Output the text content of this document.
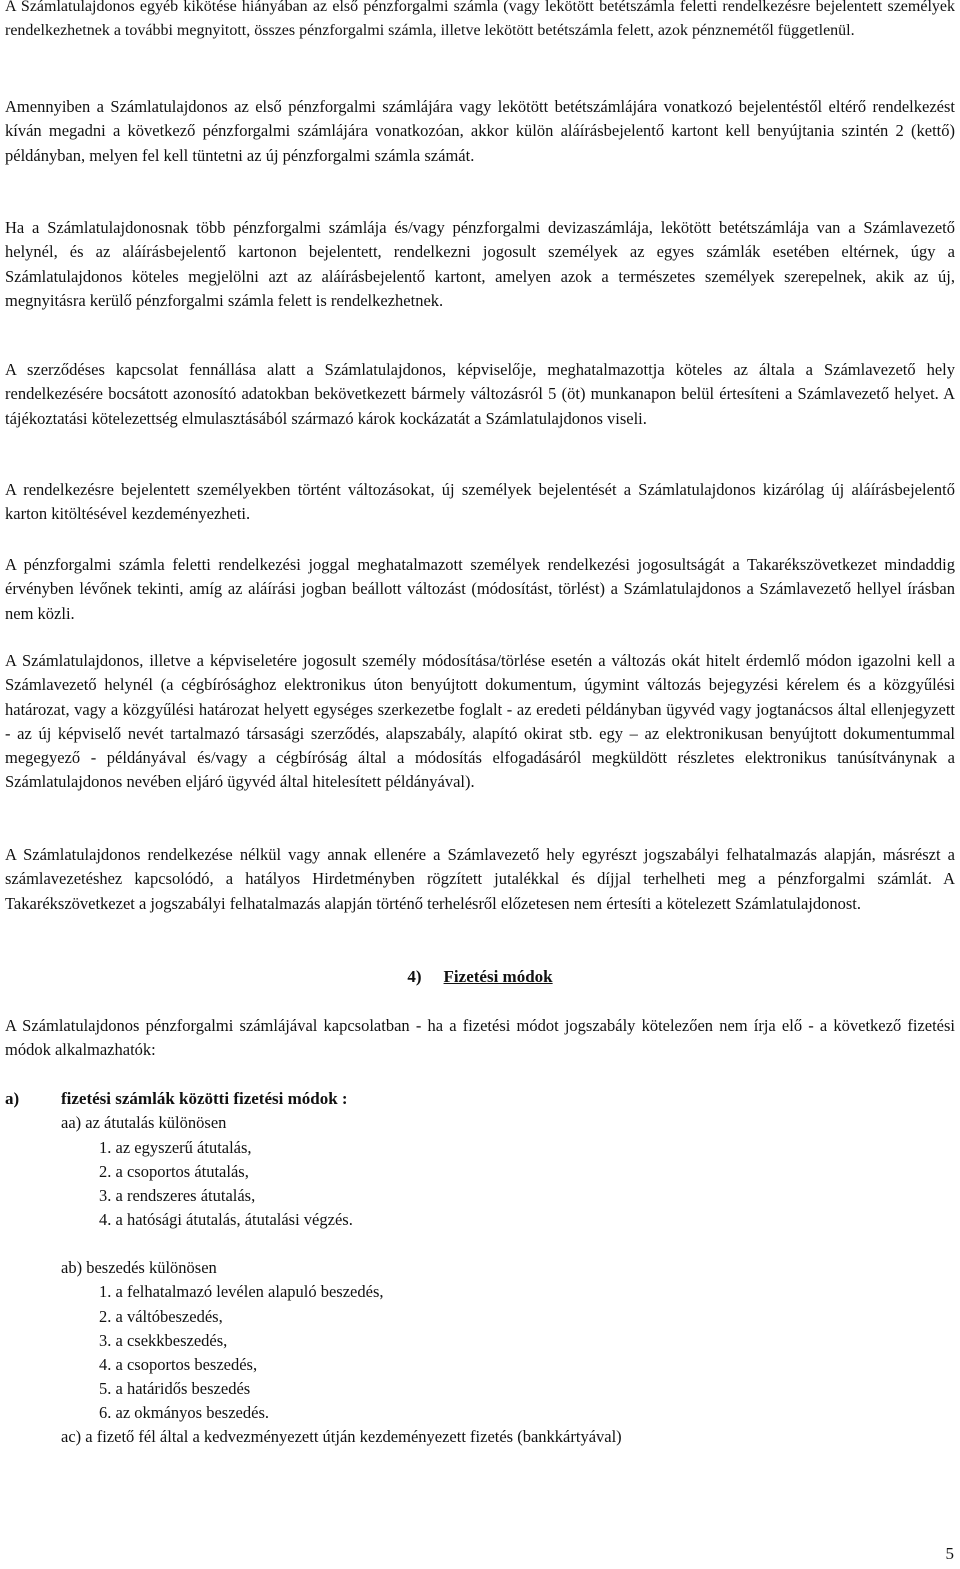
A Számlatulajdonos egyéb kikötése hiányában az első pénzforgalmi számla (vagy lekötött betétszámla feletti rendelkezésre bejelentett személyek rendelkezhetnek a további megnyitott, összes pénzforgalmi számla, illetve lekötött betétszámla felett, azok pénznemétől függetlenül.

Amennyiben a Számlatulajdonos az első pénzforgalmi számlájára vagy lekötött betétszámlájára vonatkozó bejelentéstől eltérő rendelkezést kíván megadni a következő pénzforgalmi számlájára vonatkozóan, akkor külön aláírásbejelentő kartont kell benyújtania szintén 2 (kettő) példányban, melyen fel kell tüntetni az új pénzforgalmi számla számát.

Ha a Számlatulajdonosnak több pénzforgalmi számlája és/vagy pénzforgalmi devizaszámlája, lekötött betétszámlája van a Számlavezető helynél, és az aláírásbejelentő kartonon bejelentett, rendelkezni jogosult személyek az egyes számlák esetében eltérnek, úgy a Számlatulajdonos köteles megjelölni azt az aláírásbejelentő kartont, amelyen azok a természetes személyek szerepelnek, akik az új, megnyitásra kerülő pénzforgalmi számla felett is rendelkezhetnek.

A szerződéses kapcsolat fennállása alatt a Számlatulajdonos, képviselője, meghatalmazottja köteles az általa a Számlavezető hely rendelkezésére bocsátott azonosító adatokban bekövetkezett bármely változásról 5 (öt) munkanapon belül értesíteni a Számlavezető helyet. A tájékoztatási kötelezettség elmulasztásából származó károk kockázatát a Számlatulajdonos viseli.

A rendelkezésre bejelentett személyekben történt változásokat, új személyek bejelentését a Számlatulajdonos kizárólag új aláírásbejelentő karton kitöltésével kezdeményezheti.

A pénzforgalmi számla feletti rendelkezési joggal meghatalmazott személyek rendelkezési jogosultságát a Takarékszövetkezet mindaddig érvényben lévőnek tekinti, amíg az aláírási jogban beállott változást (módosítást, törlést) a Számlatulajdonos a Számlavezető hellyel írásban nem közli.

A Számlatulajdonos, illetve a képviseletére jogosult személy módosítása/törlése esetén a változás okát hitelt érdemlő módon igazolni kell a Számlavezető helynél (a cégbírósághoz elektronikus úton benyújtott dokumentum, úgymint változás bejegyzési kérelem és a közgyűlési határozat, vagy a közgyűlési határozat helyett egységes szerkezetbe foglalt - az eredeti példányban ügyvéd vagy jogtanácsos által ellenjegyzett - az új képviselő nevét tartalmazó társasági szerződés, alapszabály, alapító okirat stb. egy – az elektronikusan benyújtott dokumentummal megegyező - példányával és/vagy a cégbíróság által a módosítás elfogadásáról megküldött részletes elektronikus tanúsítványnak a Számlatulajdonos nevében eljáró ügyvéd által hitelesített példányával).

A Számlatulajdonos rendelkezése nélkül vagy annak ellenére a Számlavezető hely egyrészt jogszabályi felhatalmazás alapján, másrészt a számlavezetéshez kapcsolódó, a hatályos Hirdetményben rögzített jutalékkal és díjjal terhelheti meg a pénzforgalmi számlát. A Takarékszövetkezet a jogszabályi felhatalmazás alapján történő terhelésről előzetesen nem értesíti a kötelezett Számlatulajdonost.

4) Fizetési módok

A Számlatulajdonos pénzforgalmi számlájával kapcsolatban - ha a fizetési módot jogszabály kötelezően nem írja elő - a következő fizetési módok alkalmazhatók:

a) fizetési számlák közötti fizetési módok :
aa) az átutalás különösen
1. az egyszerű átutalás,
2. a csoportos átutalás,
3. a rendszeres átutalás,
4. a hatósági átutalás, átutalási végzés.
ab) beszedés különösen
1. a felhatalmazó levélen alapuló beszedés,
2. a váltóbeszedés,
3. a csekkbeszedés,
4. a csoportos beszedés,
5. a határidős beszedés
6. az okmányos beszedés.
ac) a fizető fél által a kedvezményezett útján kezdeményezett fizetés (bankkártyával)
5
